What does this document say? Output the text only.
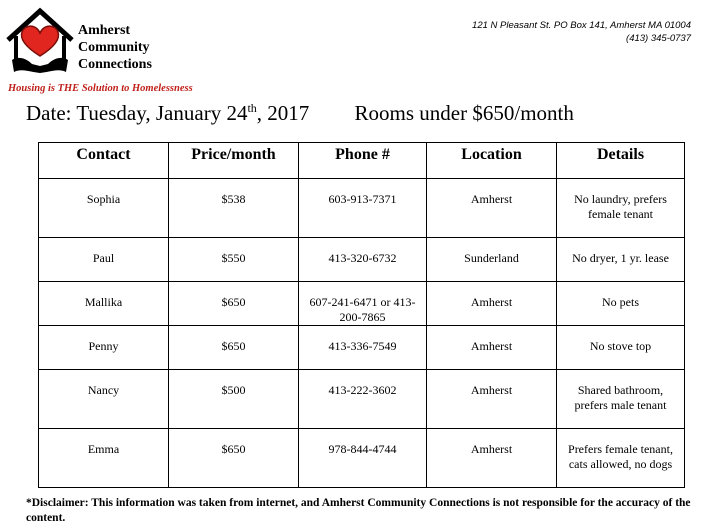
Amherst
Community
Connections
Housing is THE Solution to Homelessness
121 N Pleasant St. PO Box 141, Amherst MA 01004
(413) 345-0737
Date: Tuesday, January 24th, 2017 Rooms under $650/month
Contact	Price/month	Phone #	Location	Details
Sophia	$538	603-913-7371	Amherst	No laundry, prefers female tenant
Paul	$550	413-320-6732	Sunderland	No dryer, 1 yr. lease
Mallika	$650	607-241-6471 or 413-200-7865	Amherst	No pets
Penny	$650	413-336-7549	Amherst	No stove top
Nancy	$500	413-222-3602	Amherst	Shared bathroom, prefers male tenant
Emma	$650	978-844-4744	Amherst	Prefers female tenant, cats allowed, no dogs
*Disclaimer: This information was taken from internet, and Amherst Community Connections is not responsible for the accuracy of the content.
